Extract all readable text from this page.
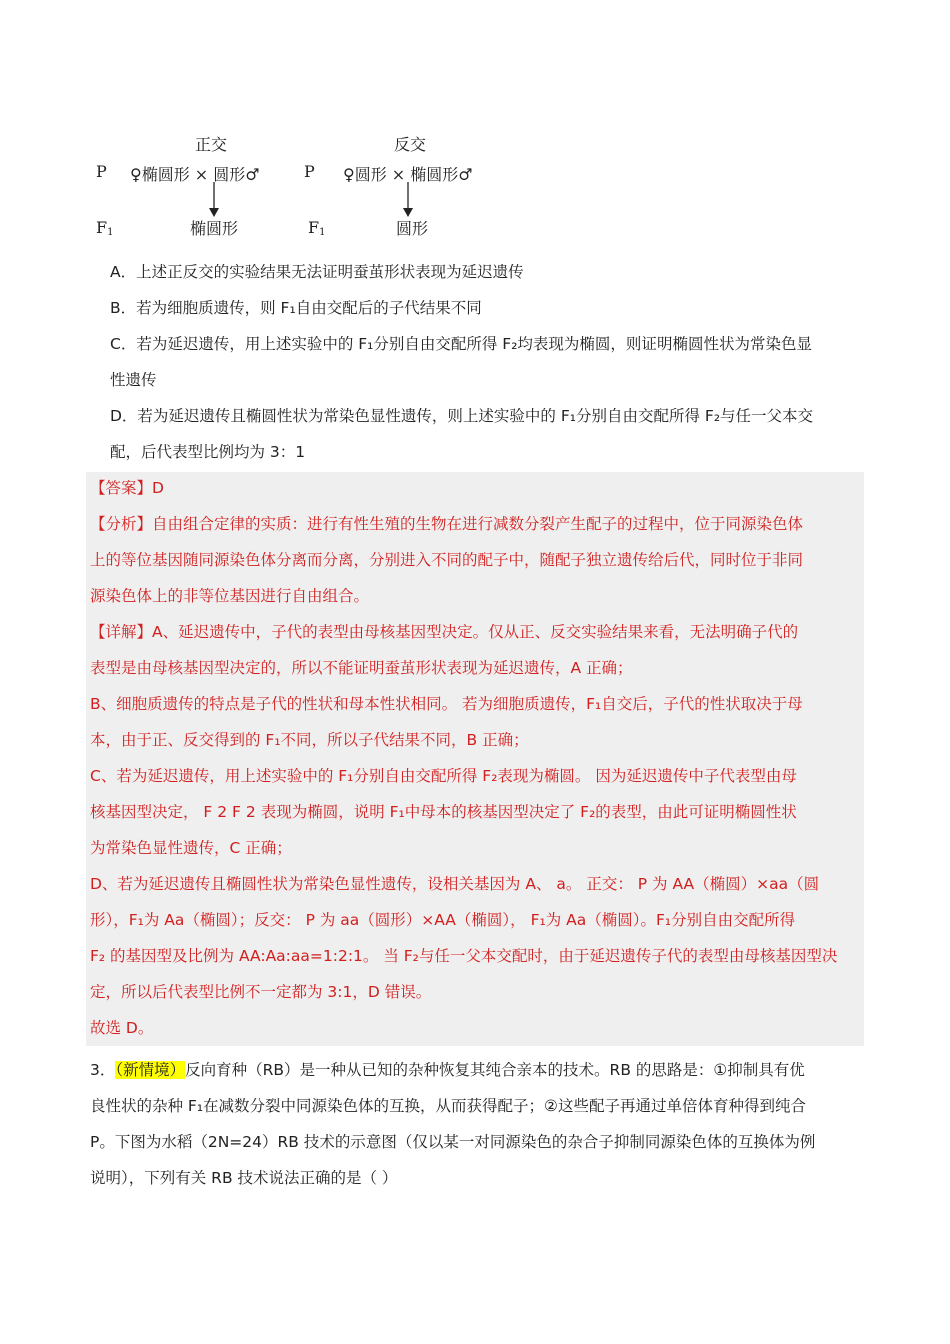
正交	反交
P ♀椭圆形 × 圆形♂	P ♀圆形 × 椭圆形♂
$F_1$	椭圆形	$F_1$	圆形
A．上述正反交的实验结果无法证明蚕茧形状表现为延迟遗传
B．若为细胞质遗传，则 F₁自由交配后的子代结果不同
C．若为延迟遗传，用上述实验中的 F₁分别自由交配所得 F₂均表现为椭圆，则证明椭圆性状为常染色显
性遗传
D．若为延迟遗传且椭圆性状为常染色显性遗传，则上述实验中的 F₁分别自由交配所得 F₂与任一父本交
配，后代表型比例均为 3：1
【答案】D
【分析】自由组合定律的实质：进行有性生殖的生物在进行减数分裂产生配子的过程中，位于同源染色体
上的等位基因随同源染色体分离而分离，分别进入不同的配子中，随配子独立遗传给后代，同时位于非同
源染色体上的非等位基因进行自由组合。
【详解】A、延迟遗传中，子代的表型由母核基因型决定。仅从正、反交实验结果来看，无法明确子代的
表型是由母核基因型决定的，所以不能证明蚕茧形状表现为延迟遗传，A 正确；
B、细胞质遗传的特点是子代的性状和母本性状相同。 若为细胞质遗传，F₁自交后，子代的性状取决于母
本，由于正、反交得到的 F₁不同，所以子代结果不同，B 正确；
C、若为延迟遗传，用上述实验中的 F₁分别自由交配所得 F₂表现为椭圆。 因为延迟遗传中子代表型由母
核基因型决定， F 2 F 2 表现为椭圆，说明 F₁中母本的核基因型决定了 F₂的表型，由此可证明椭圆性状
为常染色显性遗传，C 正确；
D、若为延迟遗传且椭圆性状为常染色显性遗传，设相关基因为 A、 a。 正交： P 为 AA（椭圆）×aa（圆
形），F₁为 Aa（椭圆）；反交： P 为 aa（圆形）×AA（椭圆）， F₁为 Aa（椭圆）。F₁分别自由交配所得
F₂ 的基因型及比例为 AA:Aa:aa=1:2:1。 当 F₂与任一父本交配时，由于延迟遗传子代的表型由母核基因型决
定，所以后代表型比例不一定都为 3:1，D 错误。
故选 D。
3．（新情境）反向育种（RB）是一种从已知的杂种恢复其纯合亲本的技术。RB 的思路是：①抑制具有优
良性状的杂种 F₁在减数分裂中同源染色体的互换，从而获得配子；②这些配子再通过单倍体育种得到纯合
P。下图为水稻（2N=24）RB 技术的示意图（仅以某一对同源染色的杂合子抑制同源染色体的互换体为例
说明），下列有关 RB 技术说法正确的是（ ）
